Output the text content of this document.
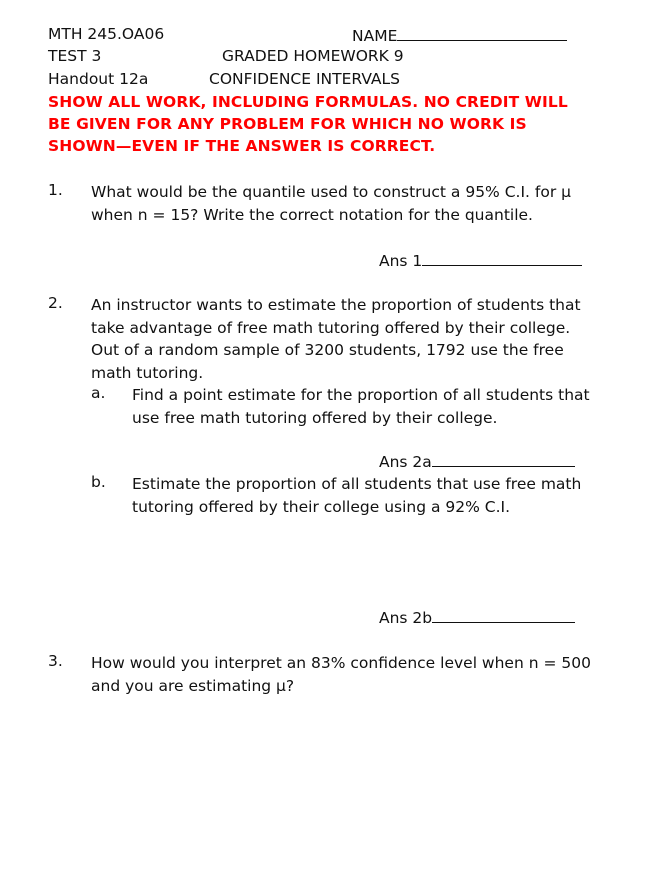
MTH 245.OA06
TEST 3
Handout 12a
NAME
GRADED HOMEWORK 9
CONFIDENCE INTERVALS
SHOW ALL WORK, INCLUDING FORMULAS. NO CREDIT WILL
BE GIVEN FOR ANY PROBLEM FOR WHICH NO WORK IS
SHOWN—EVEN IF THE ANSWER IS CORRECT.
1. What would be the quantile used to construct a 95% C.I. for μ
when n = 15? Write the correct notation for the quantile.
Ans 1
2. An instructor wants to estimate the proportion of students that
take advantage of free math tutoring offered by their college.
Out of a random sample of 3200 students, 1792 use the free
math tutoring.
a. Find a point estimate for the proportion of all students that
use free math tutoring offered by their college.
Ans 2a
b. Estimate the proportion of all students that use free math
tutoring offered by their college using a 92% C.I.
Ans 2b
3. How would you interpret an 83% confidence level when n = 500
and you are estimating μ?
